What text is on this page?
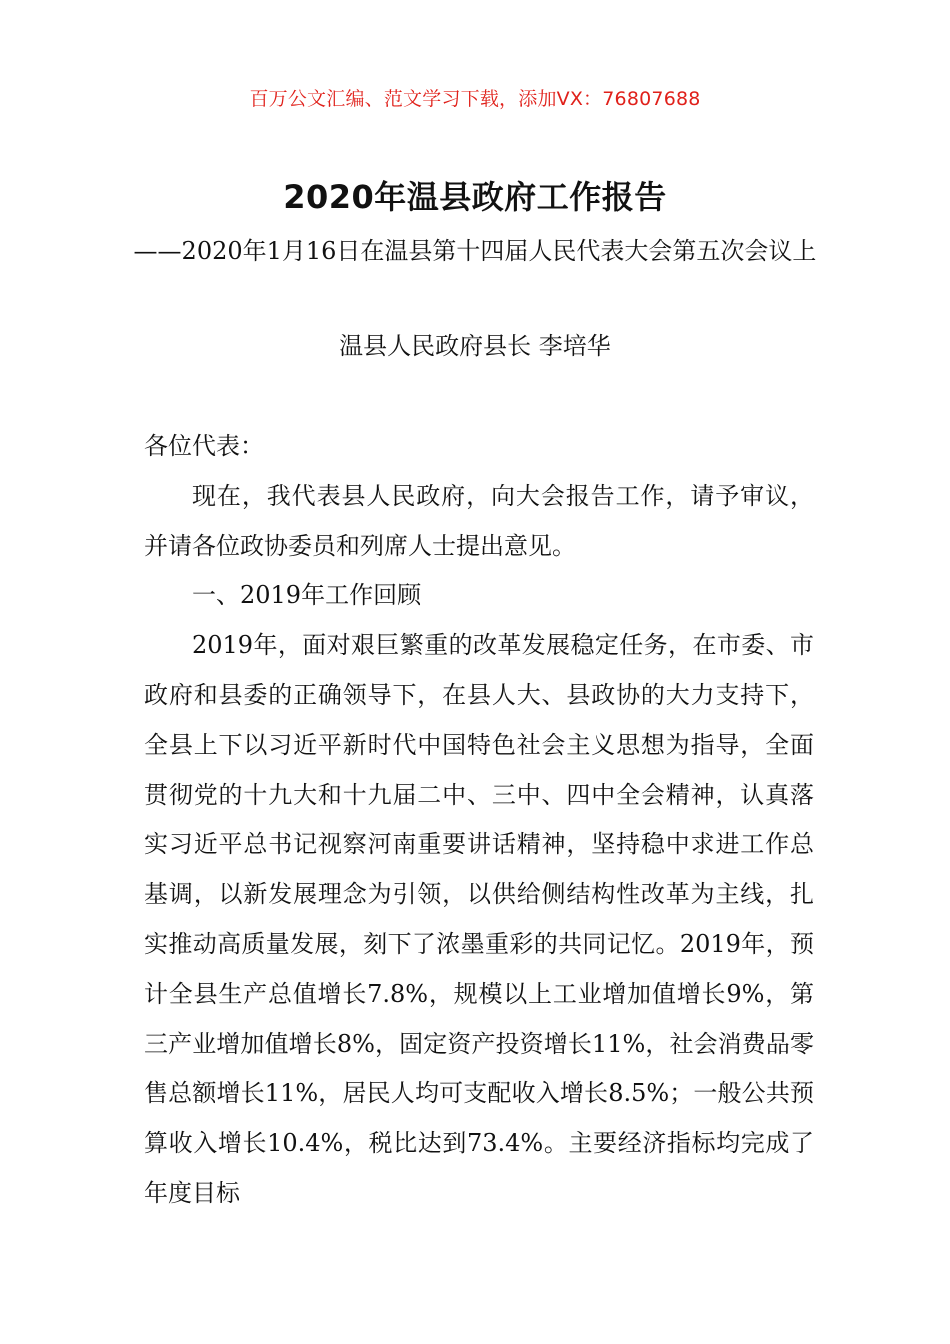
百万公文汇编、范文学习下载，添加VX：76807688
2020年温县政府工作报告
——2020年1月16日在温县第十四届人民代表大会第五次会议上
温县人民政府县长 李培华

各位代表：

现在，我代表县人民政府，向大会报告工作，请予审议，并请各位政协委员和列席人士提出意见。

一、2019年工作回顾

2019年，面对艰巨繁重的改革发展稳定任务，在市委、市政府和县委的正确领导下，在县人大、县政协的大力支持下，全县上下以习近平新时代中国特色社会主义思想为指导，全面贯彻党的十九大和十九届二中、三中、四中全会精神，认真落实习近平总书记视察河南重要讲话精神，坚持稳中求进工作总基调，以新发展理念为引领，以供给侧结构性改革为主线，扎实推动高质量发展，刻下了浓墨重彩的共同记忆。2019年，预计全县生产总值增长7.8%，规模以上工业增加值增长9%，第三产业增加值增长8%，固定资产投资增长11%，社会消费品零售总额增长11%，居民人均可支配收入增长8.5%；一般公共预算收入增长10.4%，税比达到73.4%。主要经济指标均完成了年度目标
